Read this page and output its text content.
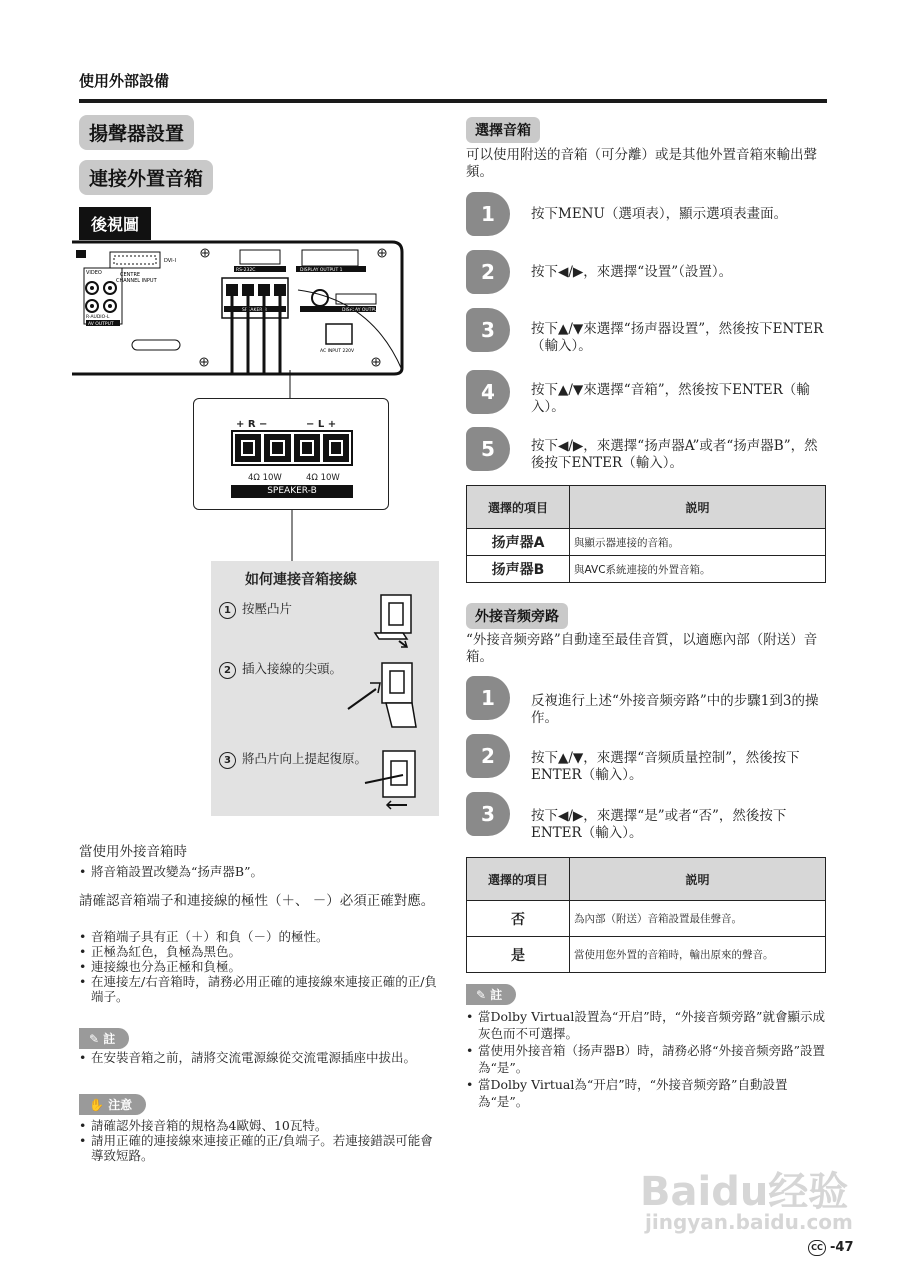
使用外部設備
揚聲器設置
連接外置音箱
後視圖
DVI-I
CENTRE
CHANNEL INPUT
VIDEO
R-AUDIO-L
AV OUTPUT
RS-232C	DISPLAY OUTPUT 1
SPEAKER-B	DISPLAY OUTPUT 2
AC INPUT 220V
+ R −	− L +
4Ω 10W	4Ω 10W
SPEAKER-B
如何連接音箱接線
1 按壓凸片
2 插入接線的尖頭。
3 將凸片向上提起復原。
當使用外接音箱時
• 將音箱設置改變為“扬声器B”。
請確認音箱端子和連接線的極性（＋、 －）必須正確對應。
• 音箱端子具有正（＋）和負（－）的極性。
• 正極為紅色，負極為黑色。
• 連接線也分為正極和負極。
• 在連接左/右音箱時，請務必用正確的連接線來連接正確的正/負端子。
✎ 註
• 在安裝音箱之前，請將交流電源線從交流電源插座中拔出。
✋ 注意
• 請確認外接音箱的規格為4歐姆、10瓦特。
• 請用正確的連接線來連接正確的正/負端子。若連接錯誤可能會導致短路。
選擇音箱
可以使用附送的音箱（可分離）或是其他外置音箱來輸出聲頻。
1	按下MENU（選項表），顯示選項表畫面。
2	按下◀/▶，來選擇“设置”（設置）。
3	按下▲/▼來選擇“扬声器设置”，然後按下ENTER（輸入）。
4	按下▲/▼來選擇“音箱”，然後按下ENTER（輸入）。
5	按下◀/▶，來選擇“扬声器A”或者“扬声器B”，然後按下ENTER（輸入）。
選擇的項目	説明
扬声器A	與顯示器連接的音箱。
扬声器B	與AVC系統連接的外置音箱。
外接音频旁路
“外接音频旁路”自動達至最佳音質，以適應內部（附送）音箱。
1	反複進行上述“外接音频旁路”中的步驟1到3的操作。
2	按下▲/▼，來選擇“音频质量控制”，然後按下 ENTER（輸入）。
3	按下◀/▶，來選擇“是”或者“否”，然後按下 ENTER（輸入）。
選擇的項目	説明
否	為內部（附送）音箱設置最佳聲音。
是	當使用您外置的音箱時，輸出原來的聲音。
✎ 註
• 當Dolby Virtual設置為“开启”時，“外接音频旁路”就會顯示成灰色而不可選擇。
• 當使用外接音箱（扬声器B）時，請務必將“外接音频旁路”設置為“是”。
• 當Dolby Virtual為“开启”時，“外接音频旁路”自動設置為“是”。
Baidu经验
jingyan.baidu.com
CC -47
